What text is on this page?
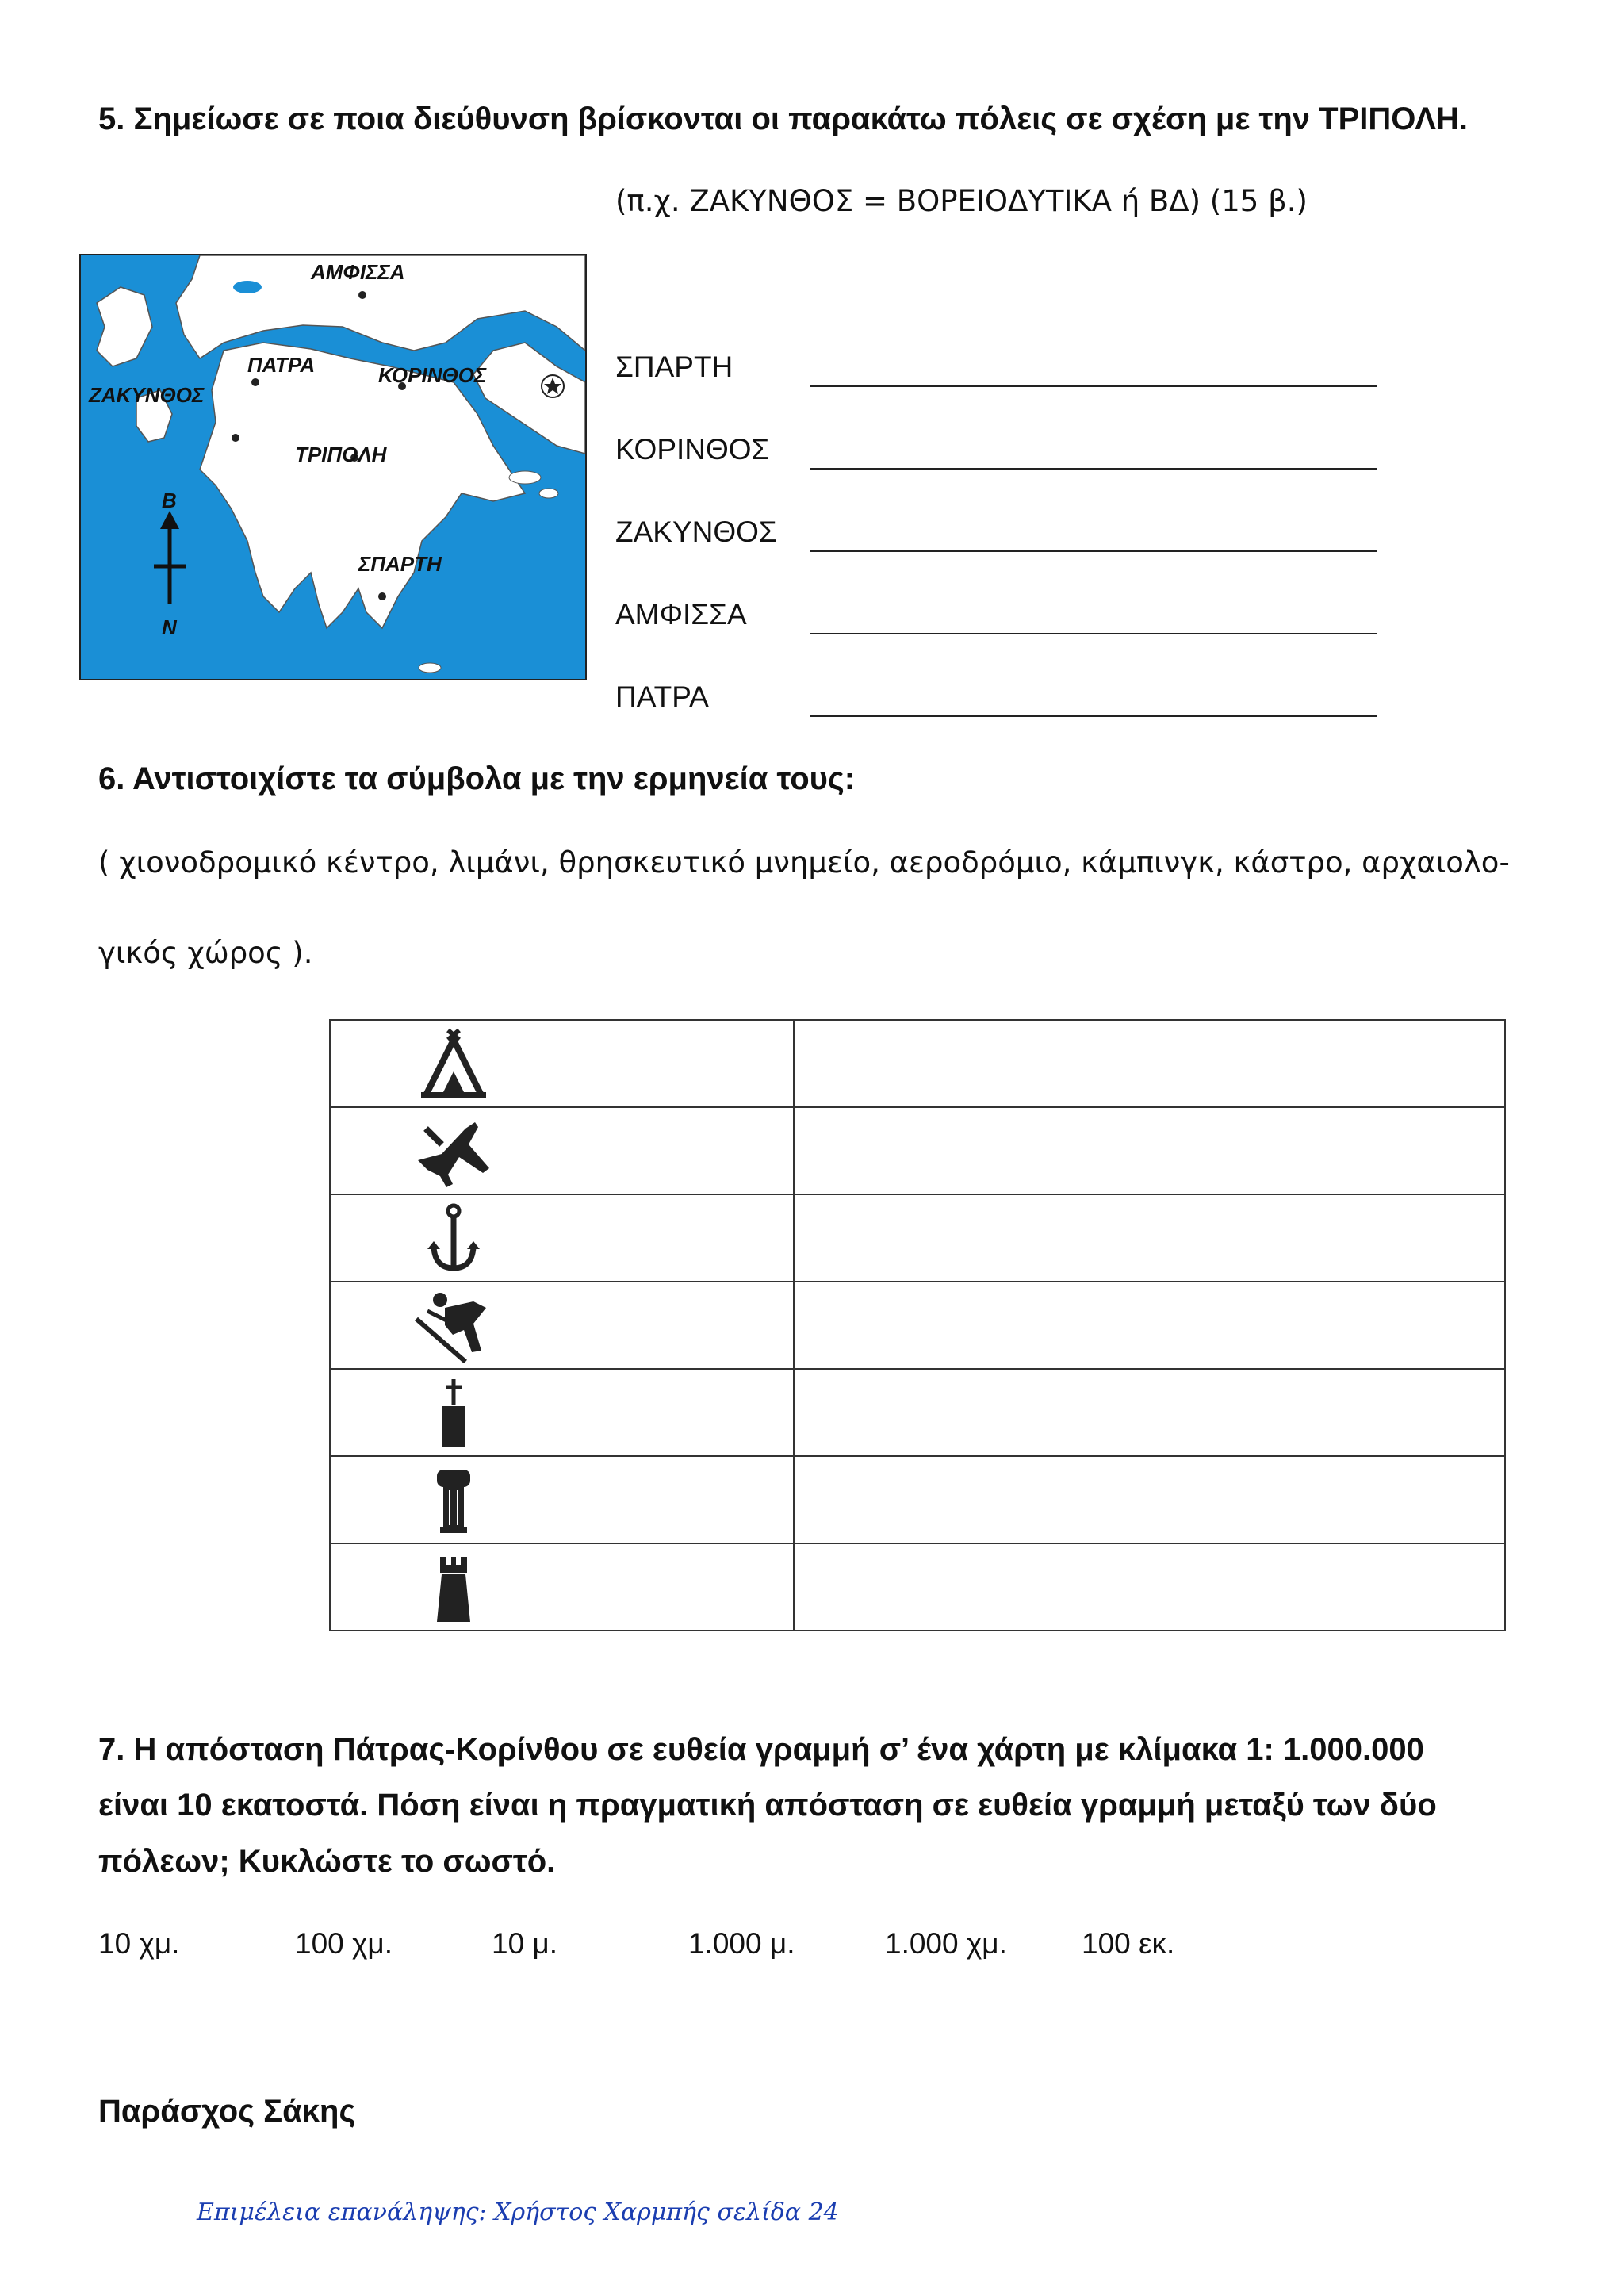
5. Σημείωσε σε ποια διεύθυνση βρίσκονται οι παρακάτω πόλεις σε σχέση με την ΤΡΙΠΟΛΗ.
(π.χ. ΖΑΚΥΝΘΟΣ = ΒΟΡΕΙΟΔΥΤΙΚΑ ή ΒΔ) (15 β.)
ΑΜΦΙΣΣΑ
ΠΑΤΡΑ	ΚΟΡΙΝΘΟΣ
ΖΑΚΥΝΘΟΣ
ΤΡΙΠΟΛΗ
ΣΠΑΡΤΗ
Β
Ν
ΣΠΑΡΤΗ
ΚΟΡΙΝΘΟΣ
ΖΑΚΥΝΘΟΣ
ΑΜΦΙΣΣΑ
ΠΑΤΡΑ
6. Αντιστοιχίστε τα σύμβολα με την ερμηνεία τους:
( χιονοδρομικό κέντρο, λιμάνι, θρησκευτικό μνημείο, αεροδρόμιο, κάμπινγκ, κάστρο, αρχαιολο-
γικός χώρος ).

7. Η απόσταση Πάτρας-Κορίνθου σε ευθεία γραμμή σ’ ένα χάρτη με κλίμακα 1: 1.000.000
είναι 10 εκατοστά. Πόση είναι η πραγματική απόσταση σε ευθεία γραμμή μεταξύ των δύο
πόλεων; Κυκλώστε το σωστό.
10 χμ.	100 χμ.	10 μ.	1.000 μ.	1.000 χμ.	100 εκ.
Παράσχος Σάκης
Επιμέλεια επανάληψης: Χρήστος Χαρμπής σελίδα 24
